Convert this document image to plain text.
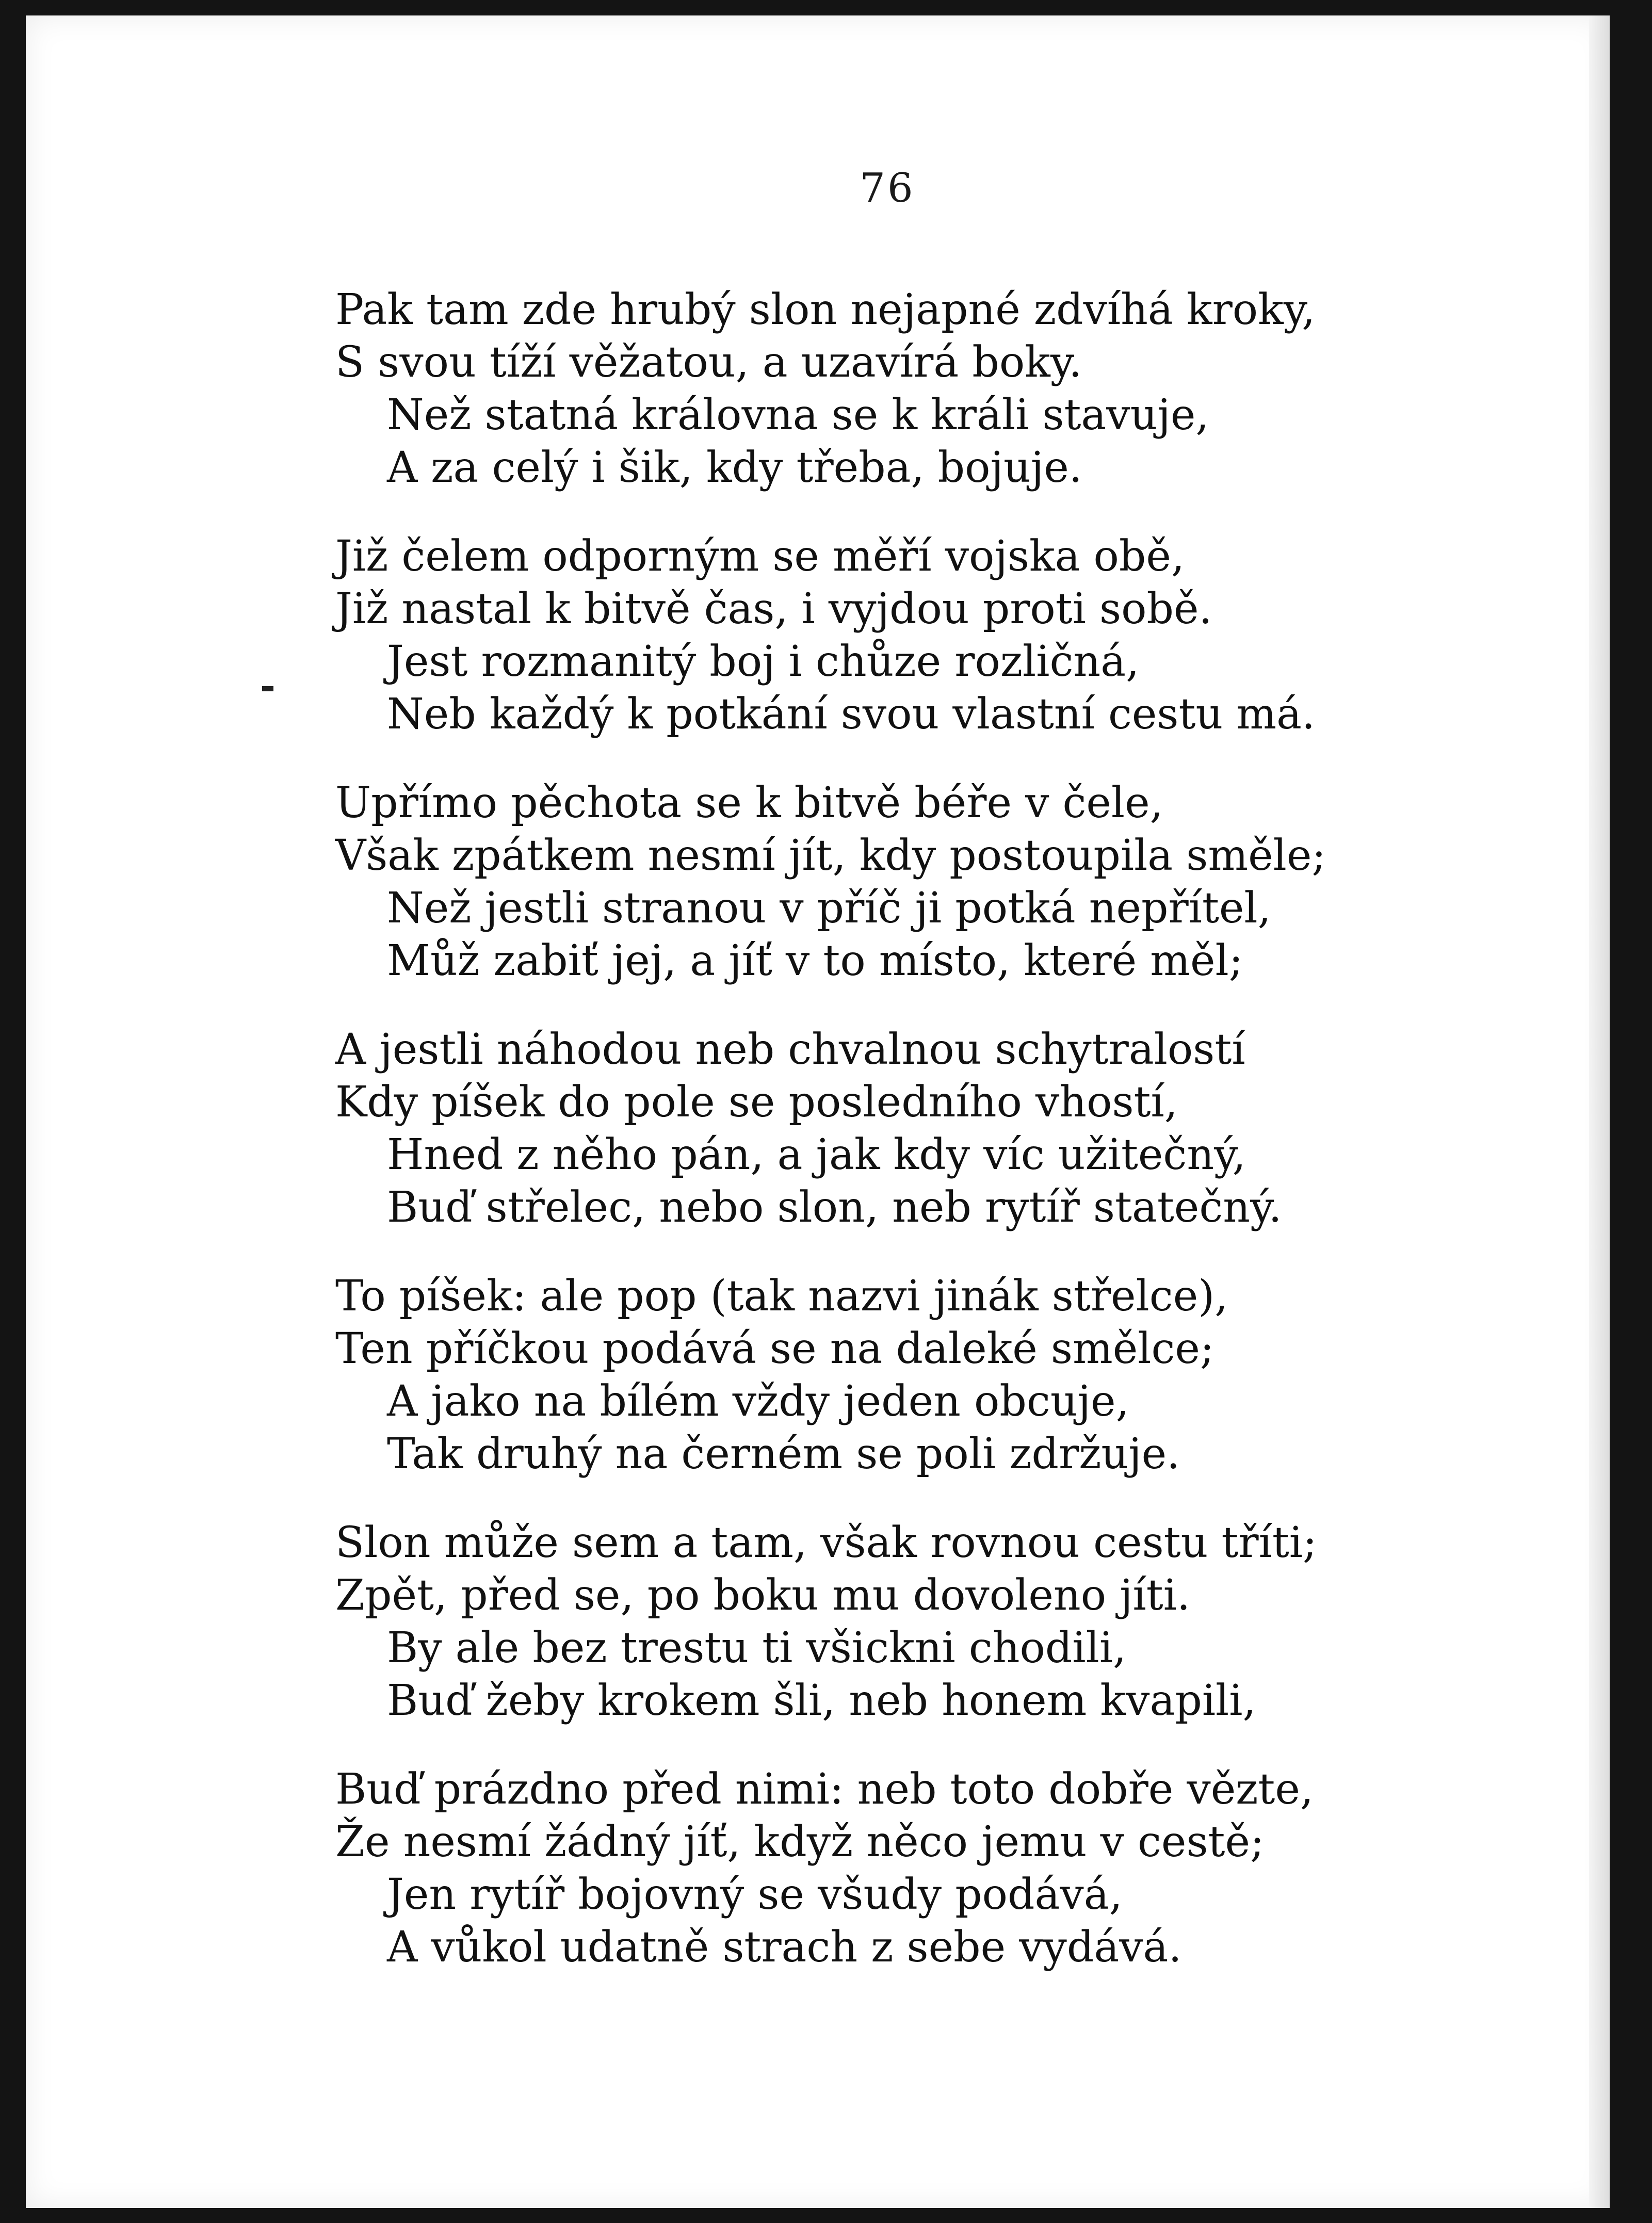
76
Pak tam zde hrubý slon nejapné zdvíhá kroky,
S svou tíží věžatou, a uzavírá boky.
Než statná královna se k králi stavuje,
A za celý i šik, kdy třeba, bojuje.
Již čelem odporným se měří vojska obě,
Již nastal k bitvě čas, i vyjdou proti sobě.
Jest rozmanitý boj i chůze rozličná,
Neb každý k potkání svou vlastní cestu má.
Upřímo pěchota se k bitvě béře v čele,
Však zpátkem nesmí jít, kdy postoupila směle;
Než jestli stranou v příč ji potká nepřítel,
Můž zabiť jej, a jíť v to místo, které měl;
A jestli náhodou neb chvalnou schytralostí
Kdy píšek do pole se posledního vhostí,
Hned z něho pán, a jak kdy víc užitečný,
Buď střelec, nebo slon, neb rytíř statečný.
To píšek: ale pop (tak nazvi jinák střelce),
Ten příčkou podává se na daleké smělce;
A jako na bílém vždy jeden obcuje,
Tak druhý na černém se poli zdržuje.
Slon může sem a tam, však rovnou cestu tříti;
Zpět, před se, po boku mu dovoleno jíti.
By ale bez trestu ti všickni chodili,
Buď žeby krokem šli, neb honem kvapili,
Buď prázdno před nimi: neb toto dobře vězte,
Že nesmí žádný jíť, když něco jemu v cestě;
Jen rytíř bojovný se všudy podává,
A vůkol udatně strach z sebe vydává.
